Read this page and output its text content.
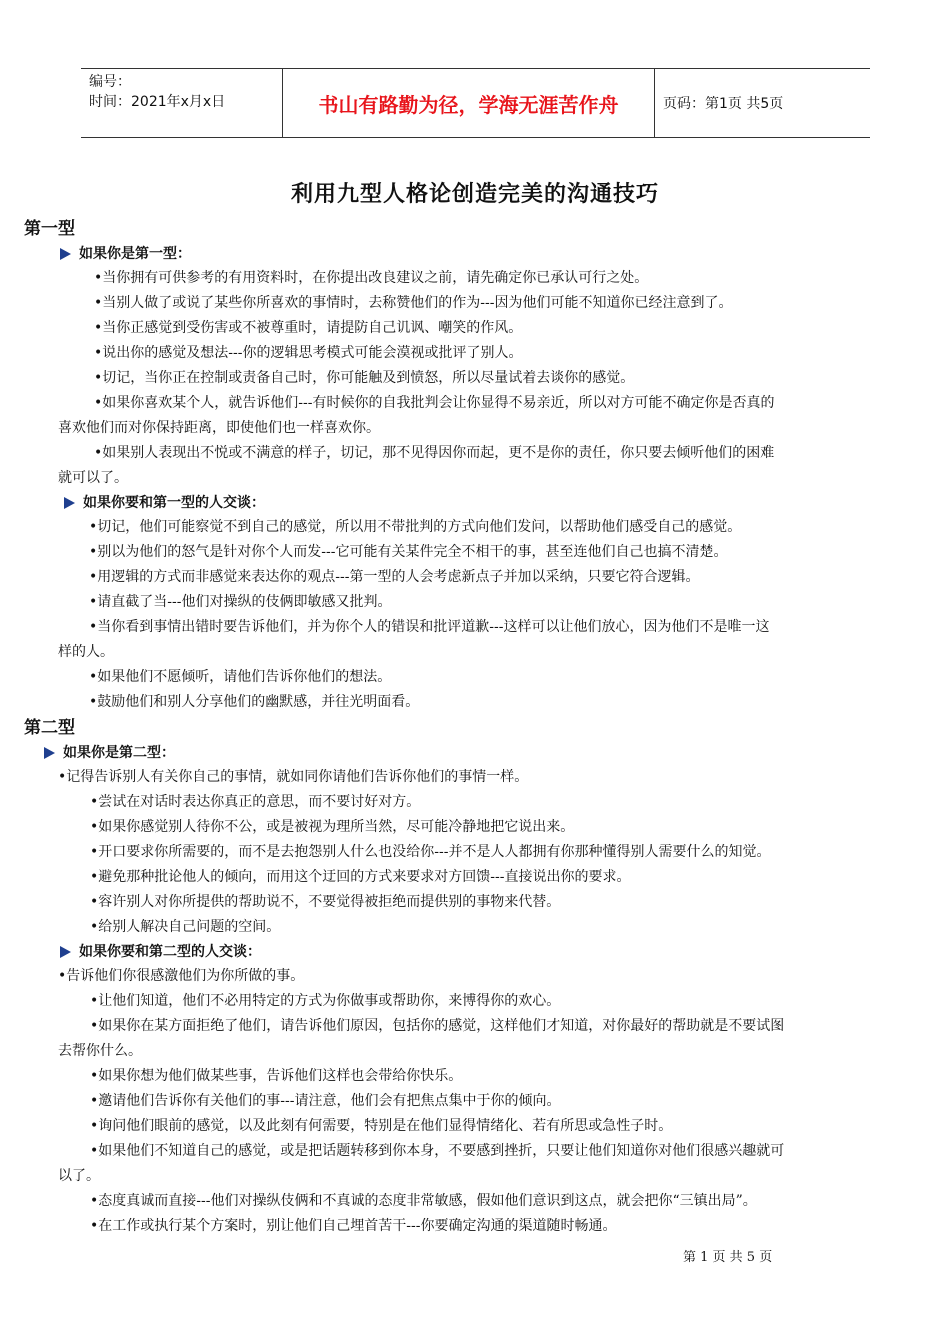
编号：
时间：2021年x月x日	书山有路勤为径，学海无涯苦作舟	页码：第1页 共5页
利用九型人格论创造完美的沟通技巧
第一型
如果你是第一型：
•当你拥有可供参考的有用资料时，在你提出改良建议之前，请先确定你已承认可行之处。
•当别人做了或说了某些你所喜欢的事情时，去称赞他们的作为---因为他们可能不知道你已经注意到了。
•当你正感觉到受伤害或不被尊重时，请提防自己讥讽、嘲笑的作风。
•说出你的感觉及想法---你的逻辑思考模式可能会漠视或批评了别人。
•切记，当你正在控制或责备自己时，你可能触及到愤怒，所以尽量试着去谈你的感觉。
•如果你喜欢某个人，就告诉他们---有时候你的自我批判会让你显得不易亲近，所以对方可能不确定你是否真的
喜欢他们而对你保持距离，即使他们也一样喜欢你。
•如果别人表现出不悦或不满意的样子，切记，那不见得因你而起，更不是你的责任，你只要去倾听他们的困难
就可以了。
如果你要和第一型的人交谈：
•切记，他们可能察觉不到自己的感觉，所以用不带批判的方式向他们发问，以帮助他们感受自己的感觉。
•别以为他们的怒气是针对你个人而发---它可能有关某件完全不相干的事，甚至连他们自己也搞不清楚。
•用逻辑的方式而非感觉来表达你的观点---第一型的人会考虑新点子并加以采纳，只要它符合逻辑。
•请直截了当---他们对操纵的伎俩即敏感又批判。
•当你看到事情出错时要告诉他们，并为你个人的错误和批评道歉---这样可以让他们放心，因为他们不是唯一这
样的人。
•如果他们不愿倾听，请他们告诉你他们的想法。
•鼓励他们和别人分享他们的幽默感，并往光明面看。
第二型
如果你是第二型：
•记得告诉别人有关你自己的事情，就如同你请他们告诉你他们的事情一样。
•尝试在对话时表达你真正的意思，而不要讨好对方。
•如果你感觉别人待你不公，或是被视为理所当然，尽可能冷静地把它说出来。
•开口要求你所需要的，而不是去抱怨别人什么也没给你---并不是人人都拥有你那种懂得别人需要什么的知觉。
•避免那种批论他人的倾向，而用这个迂回的方式来要求对方回馈---直接说出你的要求。
•容许别人对你所提供的帮助说不，不要觉得被拒绝而提供别的事物来代替。
•给别人解决自己问题的空间。
如果你要和第二型的人交谈：
•告诉他们你很感激他们为你所做的事。
•让他们知道，他们不必用特定的方式为你做事或帮助你，来博得你的欢心。
•如果你在某方面拒绝了他们，请告诉他们原因，包括你的感觉，这样他们才知道，对你最好的帮助就是不要试图
去帮你什么。
•如果你想为他们做某些事，告诉他们这样也会带给你快乐。
•邀请他们告诉你有关他们的事---请注意，他们会有把焦点集中于你的倾向。
•询问他们眼前的感觉，以及此刻有何需要，特别是在他们显得情绪化、若有所思或急性子时。
•如果他们不知道自己的感觉，或是把话题转移到你本身，不要感到挫折，只要让他们知道你对他们很感兴趣就可
以了。
•态度真诚而直接---他们对操纵伎俩和不真诚的态度非常敏感，假如他们意识到这点，就会把你“三镇出局”。
•在工作或执行某个方案时，别让他们自己埋首苦干---你要确定沟通的渠道随时畅通。
第 1 页 共 5 页
